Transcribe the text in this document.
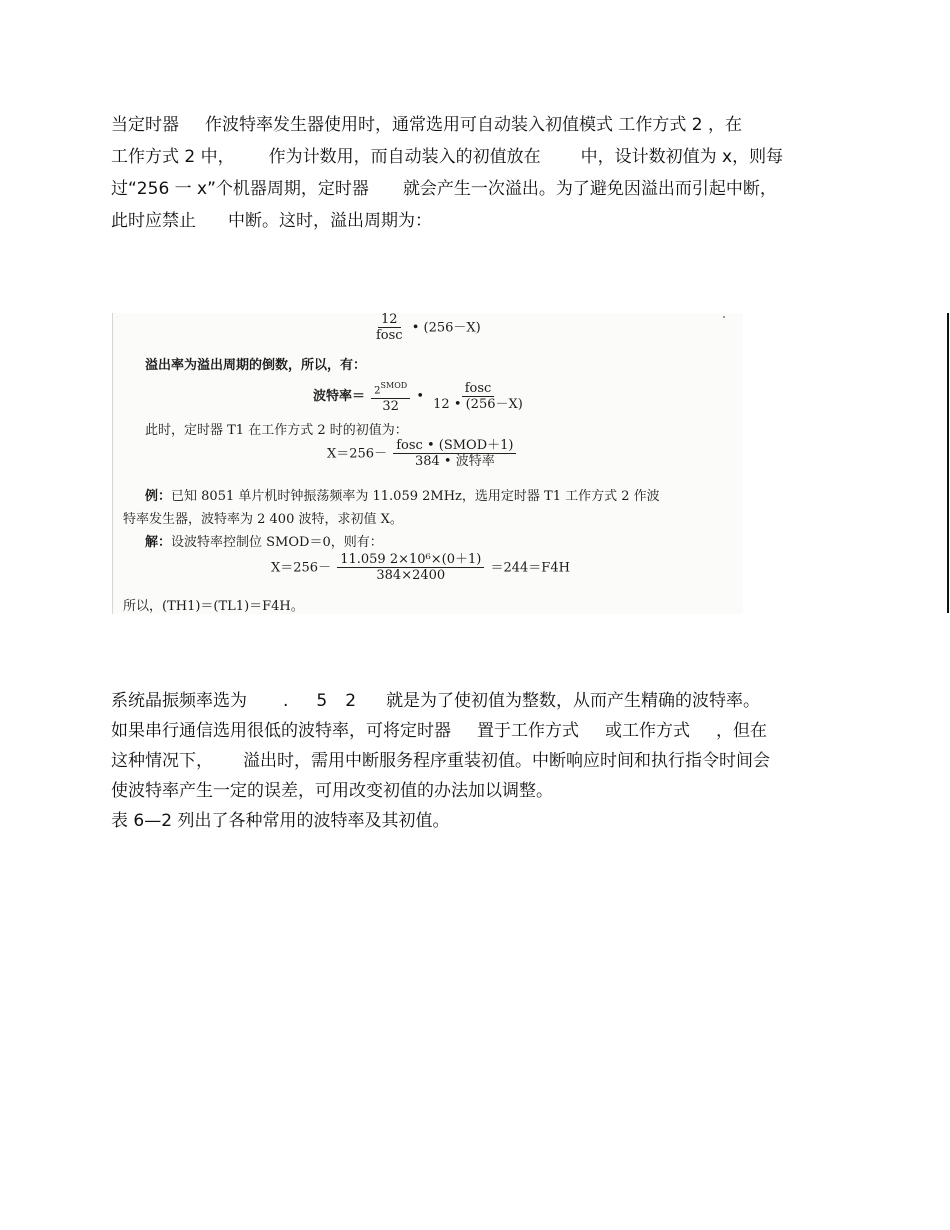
当定时器 作波特率发生器使用时，通常选用可自动装入初值模式 工作方式 2 ，在
工作方式 2 中， 作为计数用，而自动装入的初值放在 中，设计数初值为 x，则每
过“256 一 x”个机器周期，定时器 就会产生一次溢出。为了避免因溢出而引起中断，
此时应禁止 中断。这时，溢出周期为：
$\frac{12}{\text{fosc}}$ • (256－X)
溢出率为溢出周期的倒数，所以，有：
波特率＝ $\frac{2^{SMOD}}{32}$ • $\frac{\text{fosc}}{12 • (256-X)}$
此时，定时器 T1 在工作方式 2 时的初值为：
$X=256- \frac{\text{fosc • (SMOD＋1)}}{\text{384 • 波特率}}$
例：已知 8051 单片机时钟振荡频率为 11.059 2MHz，选用定时器 T1 工作方式 2 作波
特率发生器，波特率为 2 400 波特，求初值 X。
解：设波特率控制位 SMOD＝0，则有：
$X=256- \frac{\text{11.059 2×10⁶×(0＋1)}}{384\times 2400} =244=F4H$
所以，(TH1)＝(TL1)＝F4H。
系统晶振频率选为 . 5 2 就是为了使初值为整数，从而产生精确的波特率。
如果串行通信选用很低的波特率，可将定时器 置于工作方式 或工作方式 ，但在
这种情况下， 溢出时，需用中断服务程序重装初值。中断响应时间和执行指令时间会
使波特率产生一定的误差，可用改变初值的办法加以调整。
表 6—2 列出了各种常用的波特率及其初值。
